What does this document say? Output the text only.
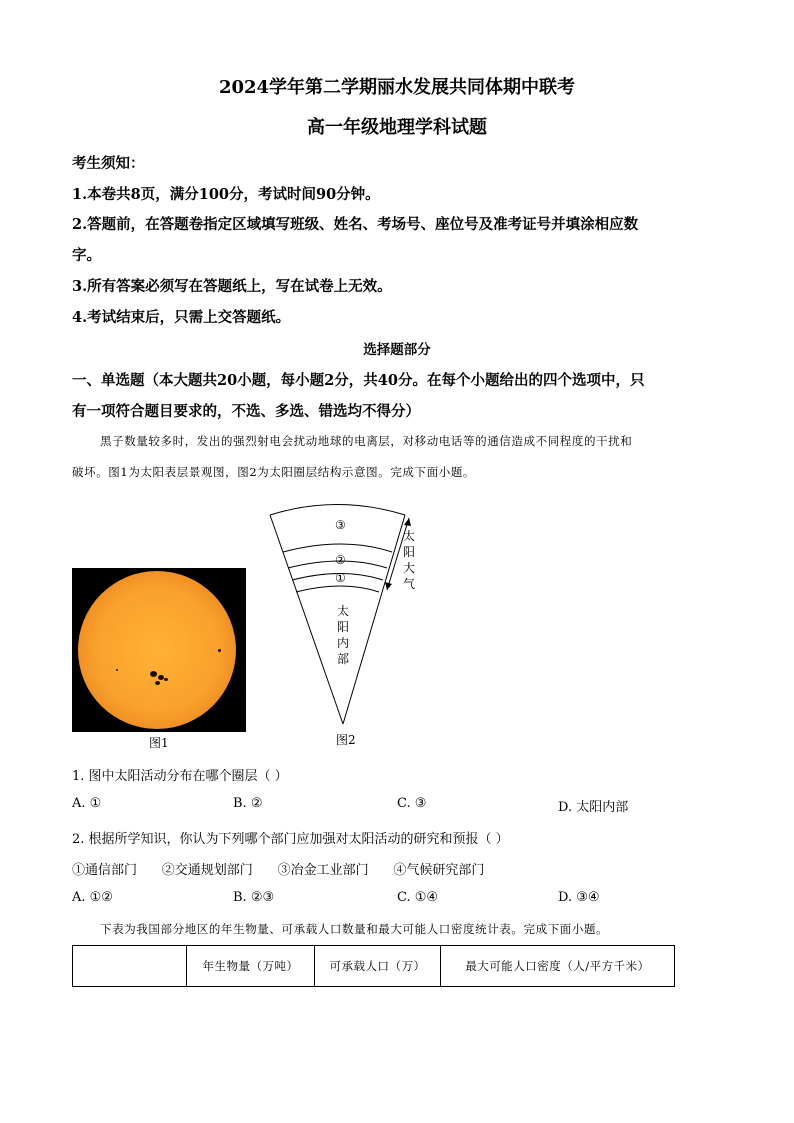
2024学年第二学期丽水发展共同体期中联考
高一年级地理学科试题
考生须知：
1.本卷共8页，满分100分，考试时间90分钟。
2.答题前，在答题卷指定区域填写班级、姓名、考场号、座位号及准考证号并填涂相应数
字。
3.所有答案必须写在答题纸上，写在试卷上无效。
4.考试结束后，只需上交答题纸。
选择题部分
一、单选题（本大题共20小题，每小题2分，共40分。在每个小题给出的四个选项中，只
有一项符合题目要求的，不选、多选、错选均不得分）
黑子数量较多时，发出的强烈射电会扰动地球的电离层，对移动电话等的通信造成不同程度的干扰和
破坏。图1为太阳表层景观图，图2为太阳圈层结构示意图。完成下面小题。
图1
③
②
①
太
阳
大
气
太
阳
内
部
图2
1. 图中太阳活动分布在哪个圈层（ ）
A. ①	B. ②	C. ③	D. 太阳内部
2. 根据所学知识，你认为下列哪个部门应加强对太阳活动的研究和预报（ ）
①通信部门      ②交通规划部门      ③冶金工业部门      ④气候研究部门
A. ①②	B. ②③	C. ①④	D. ③④
下表为我国部分地区的年生物量、可承载人口数量和最大可能人口密度统计表。完成下面小题。
	年生物量（万吨）	可承载人口（万）	最大可能人口密度（人/平方千米）
